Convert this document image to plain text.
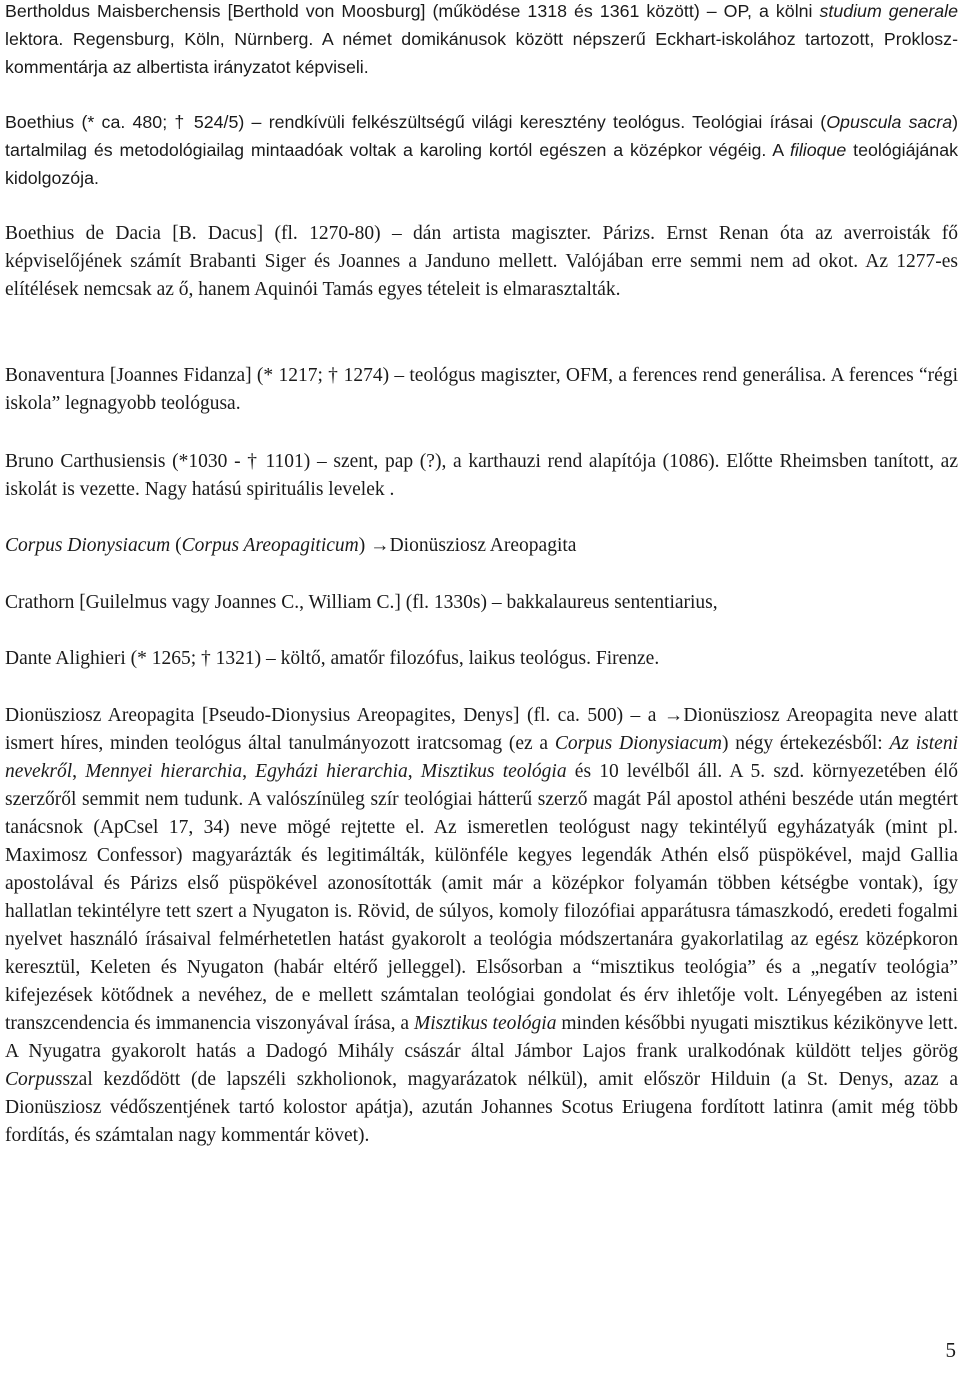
Bertholdus Maisberchensis [Berthold von Moosburg] (működése 1318 és 1361 között) – OP, a kölni studium generale lektora. Regensburg, Köln, Nürnberg. A német domikánusok között népszerű Eckhart-iskolához tartozott, Proklosz-kommentárja az albertista irányzatot képviseli.

Boethius (* ca. 480; † 524/5) – rendkívüli felkészültségű világi keresztény teológus. Teológiai írásai (Opuscula sacra) tartalmilag és metodológiailag mintaadóak voltak a karoling kortól egészen a középkor végéig. A filioque teológiájának kidolgozója.

Boethius de Dacia [B. Dacus] (fl. 1270-80) – dán artista magiszter. Párizs. Ernst Renan óta az averroisták fő képviselőjének számít Brabanti Siger és Joannes a Janduno mellett. Valójában erre semmi nem ad okot. Az 1277-es elítélések nemcsak az ő, hanem Aquinói Tamás egyes tételeit is elmarasztalták.

Bonaventura [Joannes Fidanza] (* 1217; † 1274) – teológus magiszter, OFM, a ferences rend generálisa. A ferences “régi iskola” legnagyobb teológusa.

Bruno Carthusiensis (*1030 - † 1101) – szent, pap (?), a karthauzi rend alapítója (1086). Előtte Rheimsben tanított, az iskolát is vezette. Nagy hatású spirituális levelek .

Corpus Dionysiacum (Corpus Areopagiticum) →Dionüsziosz Areopagita

Crathorn [Guilelmus vagy Joannes C., William C.] (fl. 1330s) – bakkalaureus sententiarius,

Dante Alighieri (* 1265; † 1321) – költő, amatőr filozófus, laikus teológus. Firenze.

Dionüsziosz Areopagita [Pseudo-Dionysius Areopagites, Denys] (fl. ca. 500) – a →Dionüsziosz Areopagita neve alatt ismert híres, minden teológus által tanulmányozott iratcsomag (ez a Corpus Dionysiacum) négy értekezésből: Az isteni nevekről, Mennyei hierarchia, Egyházi hierarchia, Misztikus teológia és 10 levélből áll. A 5. szd. környezetében élő szerzőről semmit nem tudunk. A valószínüleg szír teológiai hátterű szerző magát Pál apostol athéni beszéde után megtért tanácsnok (ApCsel 17, 34) neve mögé rejtette el. Az ismeretlen teológust nagy tekintélyű egyházatyák (mint pl. Maximosz Confessor) magyarázták és legitimálták, különféle kegyes legendák Athén első püspökével, majd Gallia apostolával és Párizs első püspökével azonosították (amit már a középkor folyamán többen kétségbe vontak), így hallatlan tekintélyre tett szert a Nyugaton is. Rövid, de súlyos, komoly filozófiai apparátusra támaszkodó, eredeti fogalmi nyelvet használó írásaival felmérhetetlen hatást gyakorolt a teológia módszertanára gyakorlatilag az egész középkoron keresztül, Keleten és Nyugaton (habár eltérő jelleggel). Elsősorban a “misztikus teológia” és a „negatív teológia” kifejezések kötődnek a nevéhez, de e mellett számtalan teológiai gondolat és érv ihletője volt. Lényegében az isteni transzcendencia és immanencia viszonyával írása, a Misztikus teológia minden későbbi nyugati misztikus kézikönyve lett. A Nyugatra gyakorolt hatás a Dadogó Mihály császár által Jámbor Lajos frank uralkodónak küldött teljes görög Corpusszal kezdődött (de lapszéli szkholionok, magyarázatok nélkül), amit először Hilduin (a St. Denys, azaz a Dionüsziosz védőszentjének tartó kolostor apátja), azután Johannes Scotus Eriugena fordított latinra (amit még több fordítás, és számtalan nagy kommentár követ).

5
